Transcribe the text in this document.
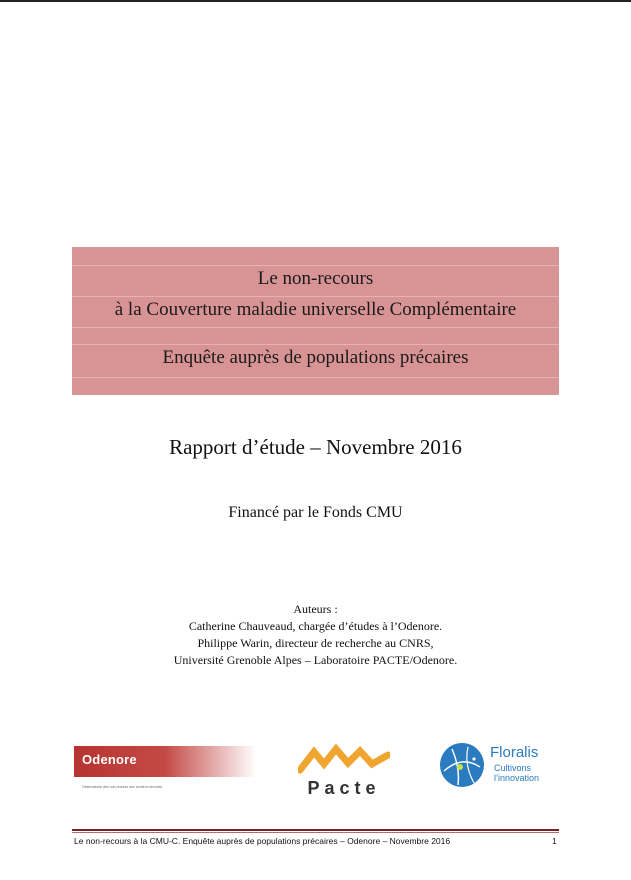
Le non-recours
à la Couverture maladie universelle Complémentaire
Enquête auprès de populations précaires
Rapport d’étude – Novembre 2016
Financé par le Fonds CMU
Auteurs :
Catherine Chauveaud, chargée d’études à l’Odenore.
Philippe Warin, directeur de recherche au CNRS,
Université Grenoble Alpes – Laboratoire PACTE/Odenore.
Odenore
Observatoire des non-recours aux droits et services	Pacte
Floralis
Cultivons
l’innovation
Le non-recours à la CMU-C. Enquête auprès de populations précaires – Odenore – Novembre 2016	1
